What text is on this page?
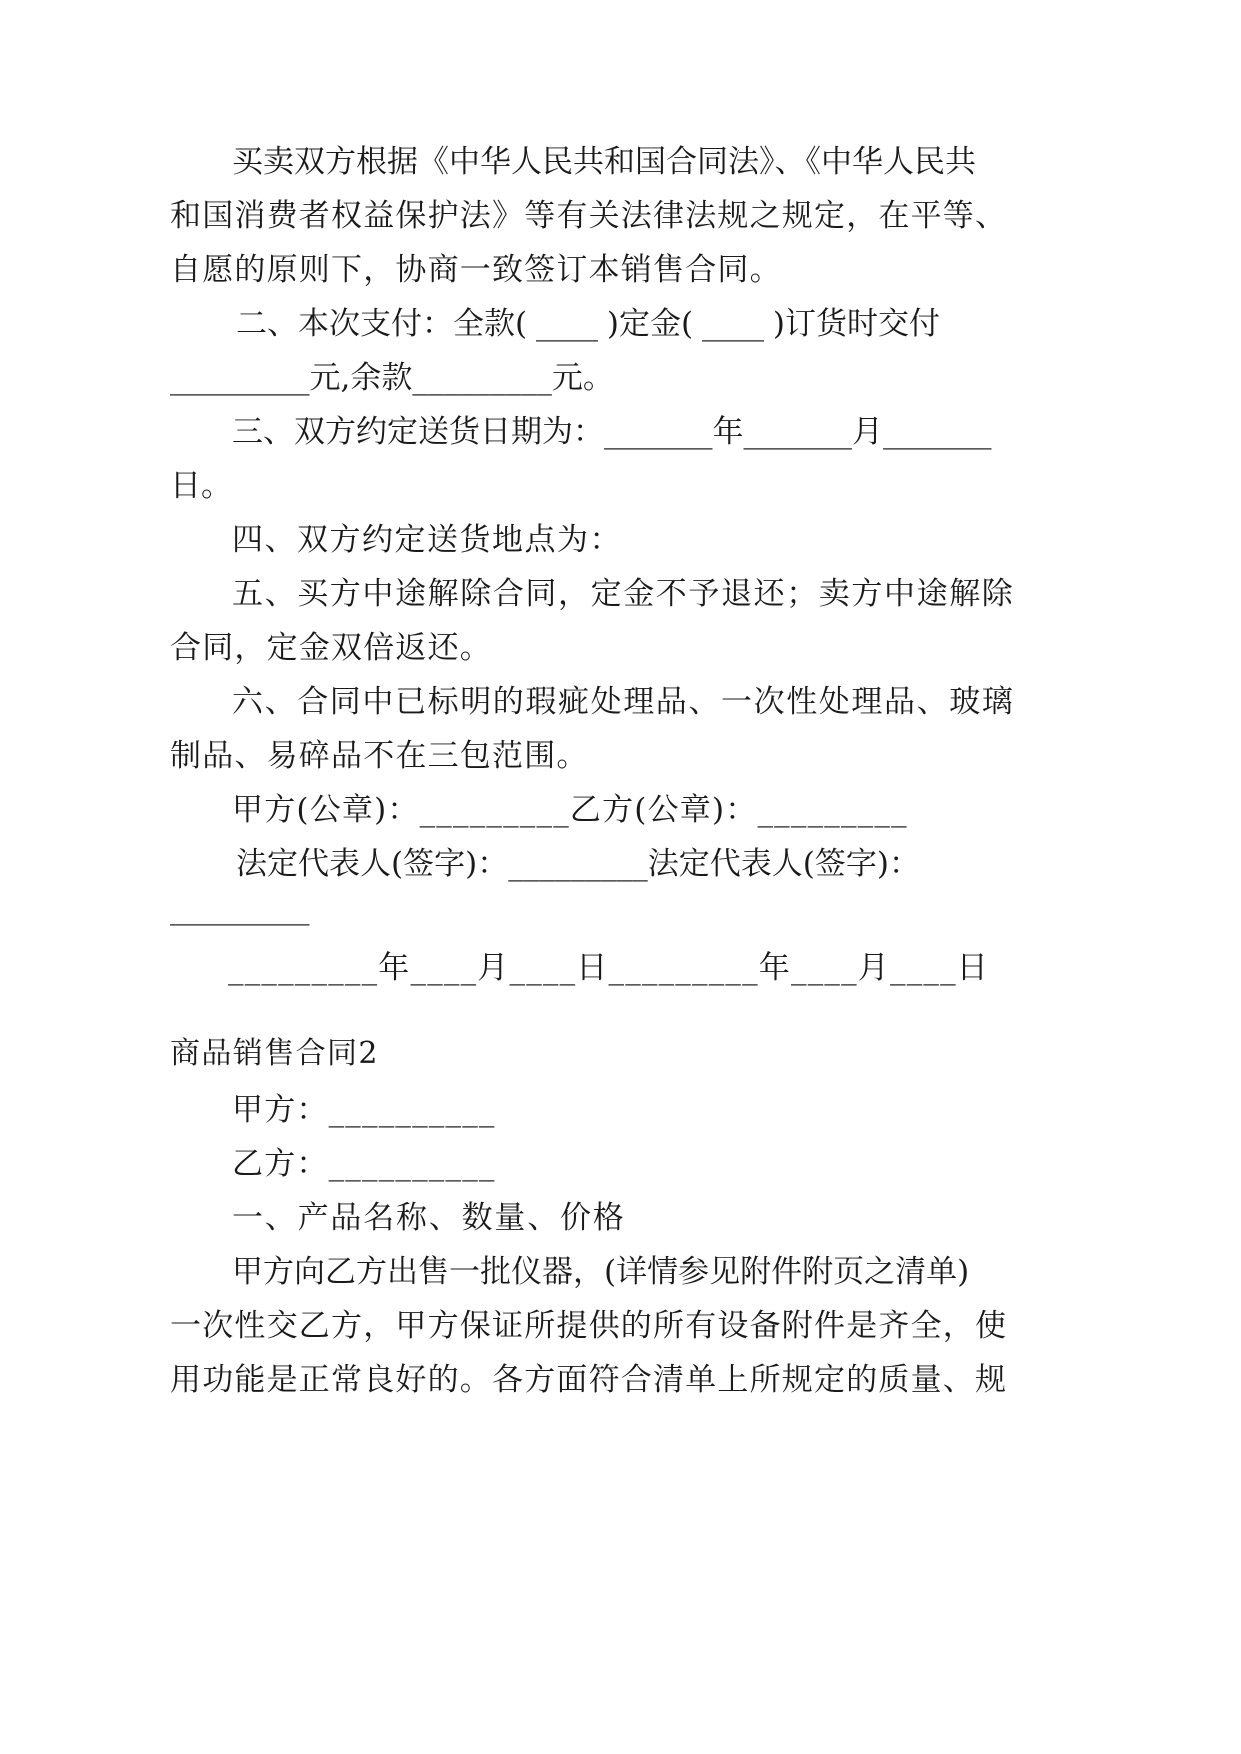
买卖双方根据《中华人民共和国合同法》、《中华人民共
和国消费者权益保护法》等有关法律法规之规定，在平等、
自愿的原则下，协商一致签订本销售合同。
二、本次支付：全款( ____ )定金( ____ )订货时交付
_________元,余款_________元。
三、双方约定送货日期为：_______年_______月_______
日。
四、双方约定送货地点为：
五、买方中途解除合同，定金不予退还；卖方中途解除
合同，定金双倍返还。
六、合同中已标明的瑕疵处理品、一次性处理品、玻璃
制品、易碎品不在三包范围。
甲方(公章)：_________乙方(公章)：_________
法定代表人(签字)：_________ 法定代表人(签字)：
_________
_________年____月____日_________年____月____日
商品销售合同2
甲方：__________
乙方：__________
一、产品名称、数量、价格
甲方向乙方出售一批仪器，(详情参见附件附页之清单)
一次性交乙方，甲方保证所提供的所有设备附件是齐全，使
用功能是正常良好的。各方面符合清单上所规定的质量、规
